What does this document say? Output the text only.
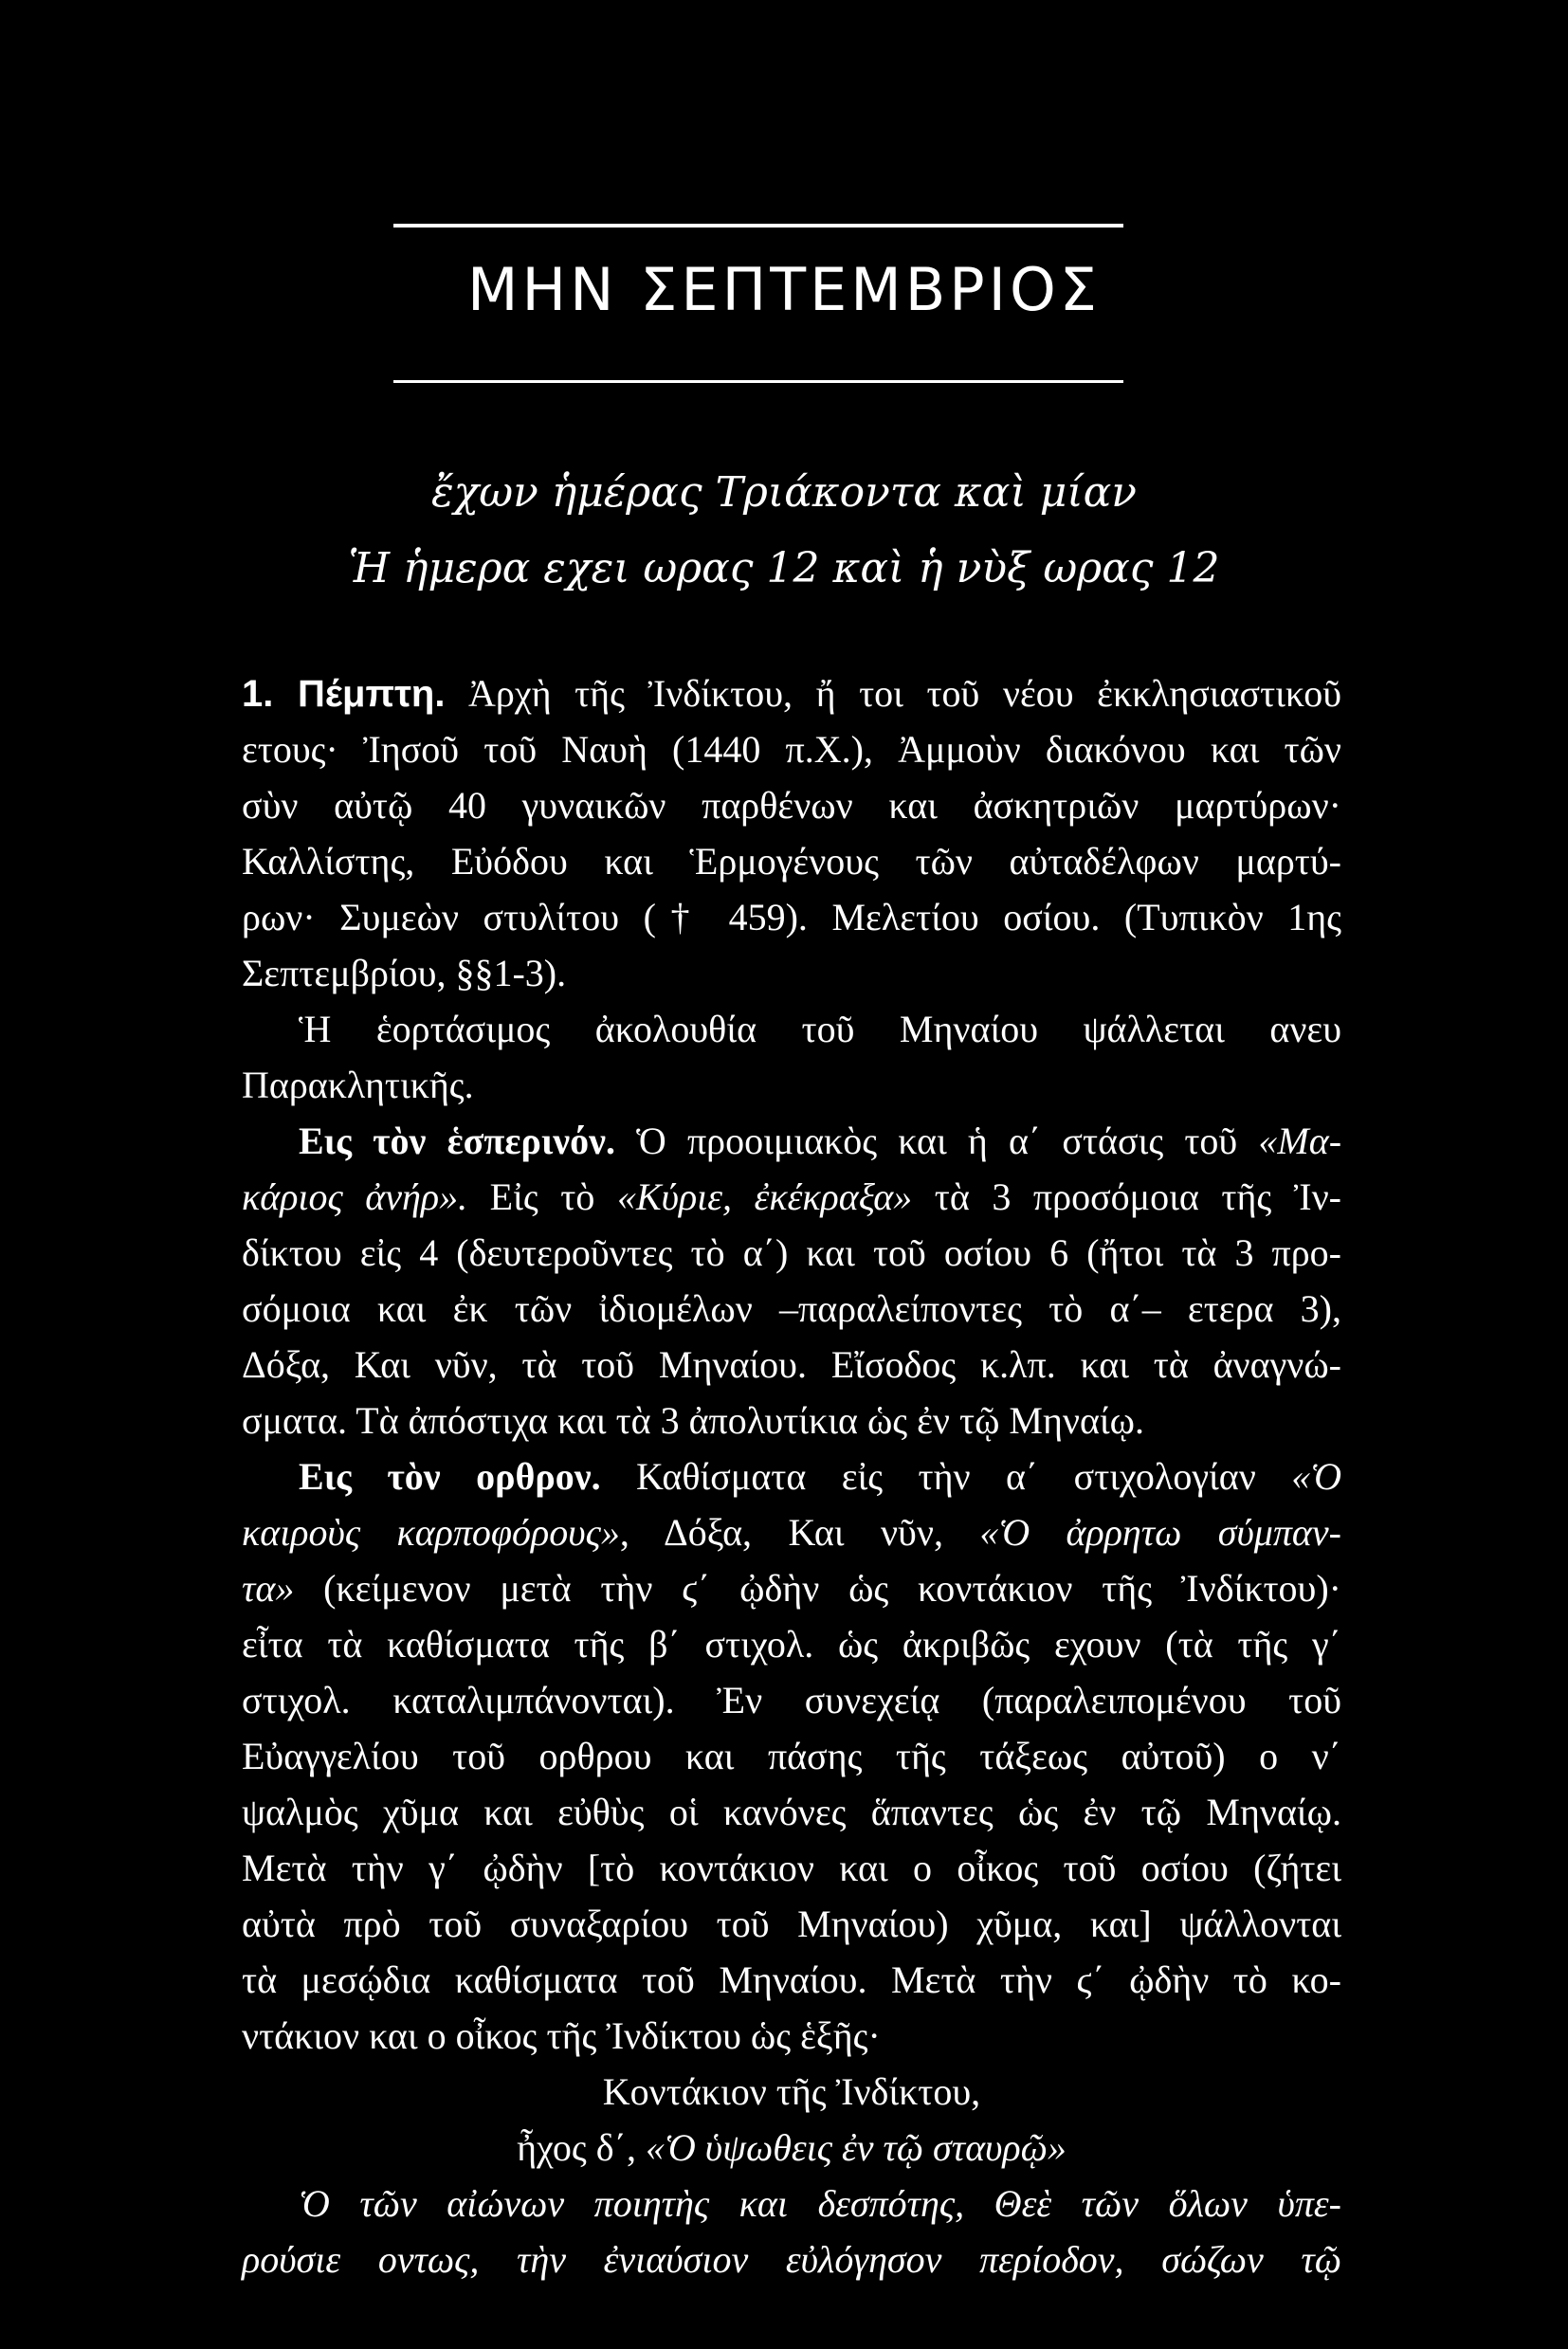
ΜΗΝ ΣΕΠΤΕΜΒΡΙΟΣ
ἔχων ἡμέρας Τριάκοντα καὶ μίαν
Ἡ ἡμερα εχει ωρας 12 καὶ ἡ νὺξ ωρας 12
1. Πέμπτη. Ἀρχὴ τῆς Ἰνδίκτου, ἤ τοι τοῦ νέου ἐκκλησιαστικοῦ
ετους· Ἰησοῦ τοῦ Ναυὴ (1440 π.Χ.), Ἀμμοὺν διακόνου και τῶν
σὺν αὐτῷ 40 γυναικῶν παρθένων και ἀσκητριῶν μαρτύρων·
Καλλίστης, Εὐόδου και Ἑρμογένους τῶν αὐταδέλφων μαρτύ-
ρων· Συμεὼν στυλίτου († 459). Μελετίου οσίου. (Τυπικὸν 1ης
Σεπτεμβρίου, §§1-3).
Ἡ ἑορτάσιμος ἀκολουθία τοῦ Μηναίου ψάλλεται ανευ
Παρακλητικῆς.
Εις τὸν ἑσπερινόν. Ὁ προοιμιακὸς και ἡ α΄ στάσις τοῦ «Μα-
κάριος ἀνήρ». Εἰς τὸ «Κύριε, ἐκέκραξα» τὰ 3 προσόμοια τῆς Ἰν-
δίκτου εἰς 4 (δευτεροῦντες τὸ α΄) και τοῦ οσίου 6 (ἤτοι τὰ 3 προ-
σόμοια και ἐκ τῶν ἰδιομέλων –παραλείποντες τὸ α΄– ετερα 3),
Δόξα, Και νῦν, τὰ τοῦ Μηναίου. Εἴσοδος κ.λπ. και τὰ ἀναγνώ-
σματα. Τὰ ἀπόστιχα και τὰ 3 ἀπολυτίκια ὡς ἐν τῷ Μηναίῳ.
Εις τὸν ορθρον. Καθίσματα εἰς τὴν α΄ στιχολογίαν «Ὁ
καιροὺς καρποφόρους», Δόξα, Και νῦν, «Ὁ ἀρρητω σύμπαν-
τα» (κείμενον μετὰ τὴν ϛ΄ ᾠδὴν ὡς κοντάκιον τῆς Ἰνδίκτου)·
εἶτα τὰ καθίσματα τῆς β΄ στιχολ. ὡς ἀκριβῶς εχουν (τὰ τῆς γ΄
στιχολ. καταλιμπάνονται). Ἐν συνεχείᾳ (παραλειπομένου τοῦ
Εὐαγγελίου τοῦ ορθρου και πάσης τῆς τάξεως αὐτοῦ) ο ν΄
ψαλμὸς χῦμα και εὐθὺς οἱ κανόνες ἅπαντες ὡς ἐν τῷ Μηναίῳ.
Μετὰ τὴν γ΄ ᾠδὴν [τὸ κοντάκιον και ο οἶκος τοῦ οσίου (ζήτει
αὐτὰ πρὸ τοῦ συναξαρίου τοῦ Μηναίου) χῦμα, και] ψάλλονται
τὰ μεσῴδια καθίσματα τοῦ Μηναίου. Μετὰ τὴν ϛ΄ ᾠδὴν τὸ κο-
ντάκιον και ο οἶκος τῆς Ἰνδίκτου ὡς ἑξῆς·
Κοντάκιον τῆς Ἰνδίκτου,
ἦχος δ΄, «Ὁ ὑψωθεις ἐν τῷ σταυρῷ»
Ὁ τῶν αἰώνων ποιητὴς και δεσπότης, Θεὲ τῶν ὅλων ὑπε-
ρούσιε οντως, τὴν ἐνιαύσιον εὐλόγησον περίοδον, σώζων τῷ
